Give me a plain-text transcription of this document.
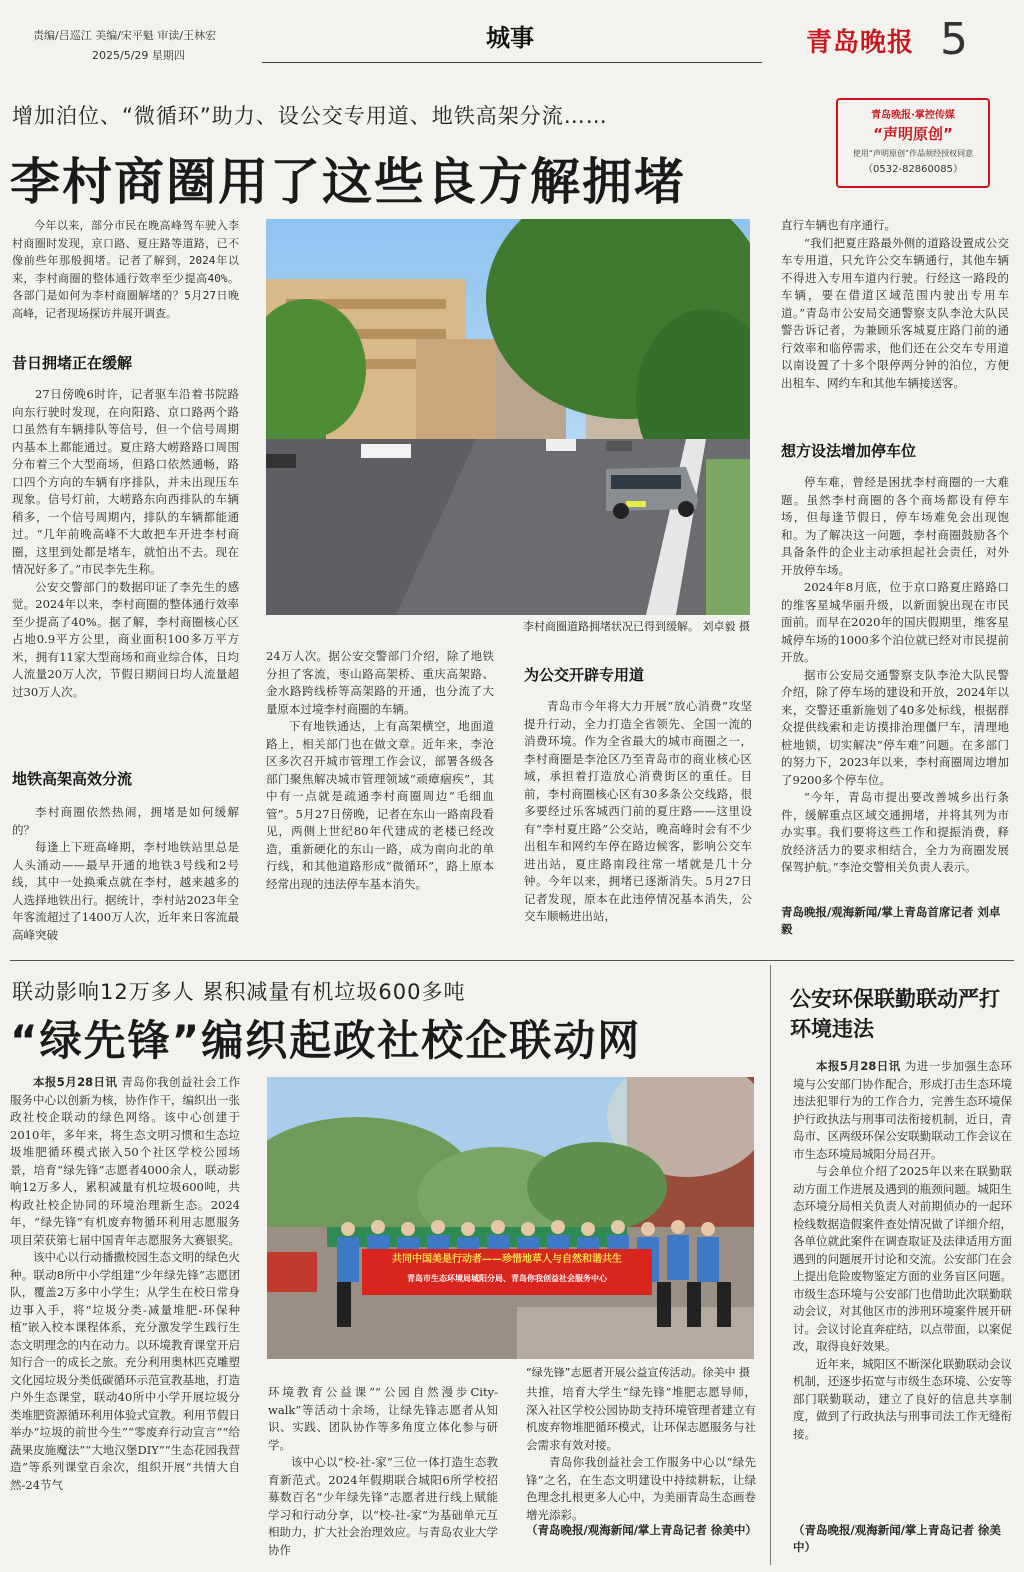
责编/吕巡江 美编/宋平魁 审读/王林宏
2025/5/29 星期四
城事	青岛晚报 5
青岛晚报·掌控传媒
“声明原创”
使用“声明原创”作品须经授权同意
（0532-82860085）
增加泊位、“微循环”助力、设公交专用道、地铁高架分流……
李村商圈用了这些良方解拥堵

今年以来，部分市民在晚高峰驾车驶入李村商圈时发现，京口路、夏庄路等道路，已不像前些年那般拥堵。记者了解到，2024年以来，李村商圈的整体通行效率至少提高40%。各部门是如何为李村商圈解堵的？5月27日晚高峰，记者现场探访并展开调查。

昔日拥堵正在缓解

27日傍晚6时许，记者驱车沿着书院路向东行驶时发现，在向阳路、京口路两个路口虽然有车辆排队等信号，但一个信号周期内基本上都能通过。夏庄路大崂路路口周围分布着三个大型商场，但路口依然通畅，路口四个方向的车辆有序排队，并未出现压车现象。信号灯前，大崂路东向西排队的车辆稍多，一个信号周期内，排队的车辆都能通过。“几年前晚高峰不大敢把车开进李村商圈，这里到处都是堵车，就怕出不去。现在情况好多了。”市民李先生称。

公安交警部门的数据印证了李先生的感觉。2024年以来，李村商圈的整体通行效率至少提高了40%。据了解，李村商圈核心区占地0.9平方公里，商业面积100多万平方米，拥有11家大型商场和商业综合体，日均人流量20万人次，节假日期间日均人流量超过30万人次。

地铁高架高效分流

李村商圈依然热闹，拥堵是如何缓解的？

每逢上下班高峰期，李村地铁站里总是人头涌动——最早开通的地铁3号线和2号线，其中一处换乘点就在李村，越来越多的人选择地铁出行。据统计，李村站2023年全年客流超过了1400万人次，近年来日客流最高峰突破

李村商圈道路拥堵状况已得到缓解。 刘卓毅 摄

24万人次。据公安交警部门介绍，除了地铁分担了客流，枣山路高架桥、重庆高架路、金水路跨线桥等高架路的开通，也分流了大量原本过境李村商圈的车辆。

下有地铁通达，上有高架横空，地面道路上，相关部门也在做文章。近年来，李沧区多次召开城市管理工作会议，部署各级各部门聚焦解决城市管理领域“顽瘴痼疾”，其中有一点就是疏通李村商圈周边“毛细血管”。5月27日傍晚，记者在东山一路南段看见，两侧上世纪80年代建成的老楼已经改造，重新硬化的东山一路，成为南向北的单行线，和其他道路形成“微循环”，路上原本经常出现的违法停车基本消失。

为公交开辟专用道

青岛市今年将大力开展“放心消费”攻坚提升行动，全力打造全省领先、全国一流的消费环境。作为全省最大的城市商圈之一，李村商圈是李沧区乃至青岛市的商业核心区域，承担着打造放心消费街区的重任。目前，李村商圈核心区有30多条公交线路，很多要经过乐客城西门前的夏庄路——这里设有“李村夏庄路”公交站，晚高峰时会有不少出租车和网约车停在路边候客，影响公交车进出站，夏庄路南段往常一堵就是几十分钟。今年以来，拥堵已逐渐消失。5月27日记者发现，原本在此违停情况基本消失，公交车顺畅进出站，

直行车辆也有序通行。

“我们把夏庄路最外侧的道路设置成公交车专用道，只允许公交车辆通行，其他车辆不得进入专用车道内行驶。行经这一路段的车辆，要在借道区域范围内驶出专用车道。”青岛市公安局交通警察支队李沧大队民警告诉记者，为兼顾乐客城夏庄路门前的通行效率和临停需求，他们还在公交车专用道以南设置了十多个限停两分钟的泊位，方便出租车、网约车和其他车辆接送客。

想方设法增加停车位

停车难，曾经是困扰李村商圈的一大难题。虽然李村商圈的各个商场都设有停车场，但每逢节假日，停车场难免会出现饱和。为了解决这一问题，李村商圈鼓励各个具备条件的企业主动承担起社会责任，对外开放停车场。

2024年8月底，位于京口路夏庄路路口的维客星城华丽升级，以新面貌出现在市民面前。而早在2020年的国庆假期里，维客星城停车场的1000多个泊位就已经对市民提前开放。

据市公安局交通警察支队李沧大队民警介绍，除了停车场的建设和开放，2024年以来，交警还重新施划了40多处标线，根据群众提供线索和走访摸排治理僵尸车，清理地桩地锁，切实解决“停车难”问题。在多部门的努力下，2023年以来，李村商圈周边增加了9200多个停车位。

“今年，青岛市提出要改善城乡出行条件，缓解重点区域交通拥堵，并将其列为市办实事。我们要将这些工作和提振消费，释放经济活力的要求相结合，全力为商圈发展保驾护航。”李沧交警相关负责人表示。

青岛晚报/观海新闻/掌上青岛首席记者 刘卓毅
联动影响12万多人 累积减量有机垃圾600多吨
“绿先锋”编织起政社校企联动网

本报5月28日讯 青岛你我创益社会工作服务中心以创新为核，协作作干，编织出一张政社校企联动的绿色网络。该中心创建于2010年，多年来，将生态文明习惯和生态垃圾堆肥循环模式嵌入50个社区学校公园场景，培育“绿先锋”志愿者4000余人，联动影响12万多人，累积减量有机垃圾600吨，共构政社校企协同的环境治理新生态。2024年，“绿先锋”有机废弃物循环利用志愿服务项目荣获第七届中国青年志愿服务大赛银奖。

该中心以行动播撒校园生态文明的绿色火种。联动8所中小学组建“少年绿先锋”志愿团队，覆盖2万多中小学生；从学生在校日常身边事入手，将“垃圾分类-减量堆肥-环保种植”嵌入校本课程体系，充分激发学生践行生态文明理念的内在动力。以环境教育课堂开启知行合一的成长之旅。充分利用奥林匹克雕塑文化园垃圾分类低碳循环示范宣教基地，打造户外生态课堂，联动40所中小学开展垃圾分类堆肥资源循环利用体验式宣教。利用节假日举办“垃圾的前世今生”“零废弃行动宣言”“给蔬果皮施魔法”“大地汉堡DIY”“生态花园我营造”等系列课堂百余次，组织开展“共情大自然-24节气

共同中国美是行动者——珍惜地草人与自然和谐共生
青岛市生态环境局城阳分局、青岛你我创益社会服务中心
“绿先锋”志愿者开展公益宣传活动。徐美中 摄

环境教育公益课”“公园自然漫步City-walk”等活动十余场，让绿先锋志愿者从知识、实践、团队协作等多角度立体化参与研学。

该中心以“校-社-家”三位一体打造生态教育新范式。2024年假期联合城阳6所学校招募数百名“少年绿先锋”志愿者进行线上赋能学习和行动分享，以“校-社-家”为基础单元互相助力，扩大社会治理效应。与青岛农业大学协作

共推，培育大学生“绿先锋”堆肥志愿导师，深入社区学校公园协助支持环境管理者建立有机废弃物堆肥循环模式，让环保志愿服务与社会需求有效对接。

青岛你我创益社会工作服务中心以“绿先锋”之名，在生态文明建设中持续耕耘，让绿色理念扎根更多人心中，为美丽青岛生态画卷增光添彩。

（青岛晚报/观海新闻/掌上青岛记者 徐美中）
公安环保联勤联动严打环境违法

本报5月28日讯 为进一步加强生态环境与公安部门协作配合，形成打击生态环境违法犯罪行为的工作合力，完善生态环境保护行政执法与刑事司法衔接机制，近日，青岛市、区两级环保公安联勤联动工作会议在市生态环境局城阳分局召开。

与会单位介绍了2025年以来在联勤联动方面工作进展及遇到的瓶颈问题。城阳生态环境分局相关负责人对前期侦办的一起环检线数据造假案件查处情况做了详细介绍，各单位就此案件在调查取证及法律适用方面遇到的问题展开讨论和交流。公安部门在会上提出危险废物鉴定方面的业务盲区问题。市级生态环境与公安部门也借助此次联勤联动会议，对其他区市的涉刑环境案件展开研讨。会议讨论直奔症结，以点带面，以案促改，取得良好效果。

近年来，城阳区不断深化联勤联动会议机制，还逐步拓宽与市级生态环境、公安等部门联勤联动，建立了良好的信息共享制度，做到了行政执法与刑事司法工作无缝衔接。

（青岛晚报/观海新闻/掌上青岛记者 徐美中）
